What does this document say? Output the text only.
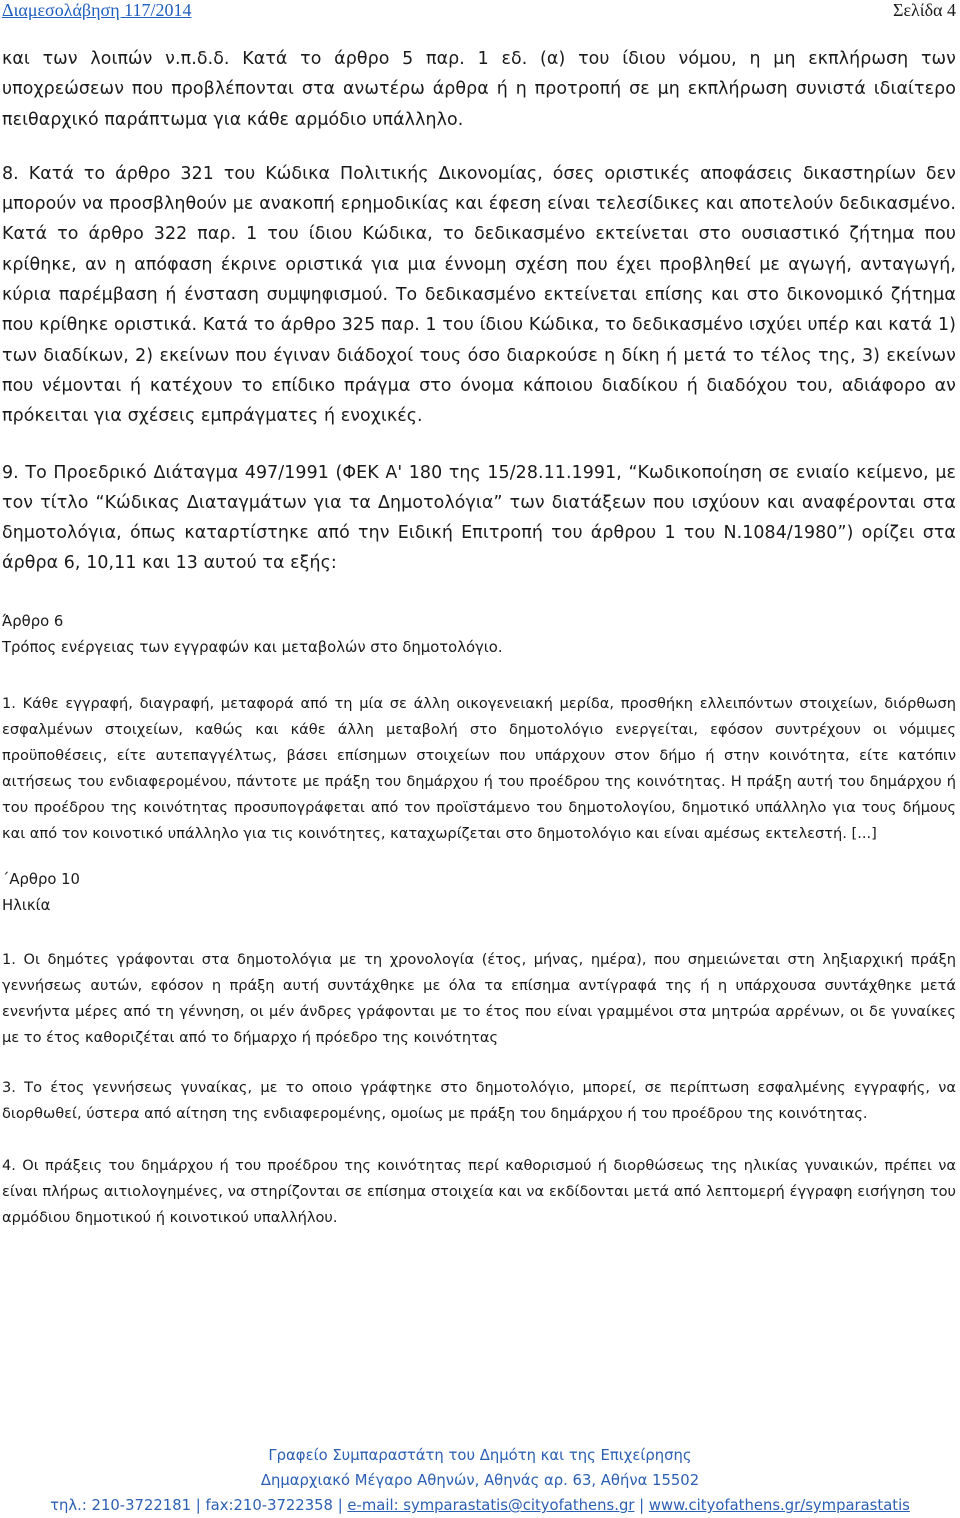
Διαμεσολάβηση 117/2014	Σελίδα 4

και των λοιπών ν.π.δ.δ. Κατά το άρθρο 5 παρ. 1 εδ. (α) του ίδιου νόμου, η μη εκπλήρωση των υποχρεώσεων που προβλέπονται στα ανωτέρω άρθρα ή η προτροπή σε μη εκπλήρωση συνιστά ιδιαίτερο πειθαρχικό παράπτωμα για κάθε αρμόδιο υπάλληλο.

8. Κατά το άρθρο 321 του Κώδικα Πολιτικής Δικονομίας, όσες οριστικές αποφάσεις δικαστηρίων δεν μπορούν να προσβληθούν με ανακοπή ερημοδικίας και έφεση είναι τελεσίδικες και αποτελούν δεδικασμένο. Κατά το άρθρο 322 παρ. 1 του ίδιου Κώδικα, το δεδικασμένο εκτείνεται στο ουσιαστικό ζήτημα που κρίθηκε, αν η απόφαση έκρινε οριστικά για μια έννομη σχέση που έχει προβληθεί με αγωγή, ανταγωγή, κύρια παρέμβαση ή ένσταση συμψηφισμού. Το δεδικασμένο εκτείνεται επίσης και στο δικονομικό ζήτημα που κρίθηκε οριστικά. Κατά το άρθρο 325 παρ. 1 του ίδιου Κώδικα, το δεδικασμένο ισχύει υπέρ και κατά 1) των διαδίκων, 2) εκείνων που έγιναν διάδοχοί τους όσο διαρκούσε η δίκη ή μετά το τέλος της, 3) εκείνων που νέμονται ή κατέχουν το επίδικο πράγμα στο όνομα κάποιου διαδίκου ή διαδόχου του, αδιάφορο αν πρόκειται για σχέσεις εμπράγματες ή ενοχικές.

9. Το Προεδρικό Διάταγμα 497/1991 (ΦΕΚ Α' 180 της 15/28.11.1991, “Κωδικοποίηση σε ενιαίο κείμενο, με τον τίτλο “Κώδικας Διαταγμάτων για τα Δημοτολόγια” των διατάξεων που ισχύουν και αναφέρονται στα δημοτολόγια, όπως καταρτίστηκε από την Ειδική Επιτροπή του άρθρου 1 του Ν.1084/1980”) ορίζει στα άρθρα 6, 10,11 και 13 αυτού τα εξής:

Άρθρο 6

Τρόπος ενέργειας των εγγραφών και μεταβολών στο δημοτολόγιο.

1. Κάθε εγγραφή, διαγραφή, μεταφορά από τη μία σε άλλη οικογενειακή μερίδα, προσθήκη ελλειπόντων στοιχείων, διόρθωση εσφαλμένων στοιχείων, καθώς και κάθε άλλη μεταβολή στο δημοτολόγιο ενεργείται, εφόσον συντρέχουν οι νόμιμες προϋποθέσεις, είτε αυτεπαγγέλτως, βάσει επίσημων στοιχείων που υπάρχουν στον δήμο ή στην κοινότητα, είτε κατόπιν αιτήσεως του ενδιαφερομένου, πάντοτε με πράξη του δημάρχου ή του προέδρου της κοινότητας. Η πράξη αυτή του δημάρχου ή του προέδρου της κοινότητας προσυπογράφεται από τον προϊστάμενο του δημοτολογίου, δημοτικό υπάλληλο για τους δήμους και από τον κοινοτικό υπάλληλο για τις κοινότητες, καταχωρίζεται στο δημοτολόγιο και είναι αμέσως εκτελεστή. [...]

΄Αρθρο 10

Ηλικία

1. Οι δημότες γράφονται στα δημοτολόγια με τη χρονολογία (έτος, μήνας, ημέρα), που σημειώνεται στη ληξιαρχική πράξη γεννήσεως αυτών, εφόσον η πράξη αυτή συντάχθηκε με όλα τα επίσημα αντίγραφά της ή η υπάρχουσα συντάχθηκε μετά ενενήντα μέρες από τη γέννηση, οι μέν άνδρες γράφονται με το έτος που είναι γραμμένοι στα μητρώα αρρένων, οι δε γυναίκες με το έτος καθοριζέται από το δήμαρχο ή πρόεδρο της κοινότητας

3. Το έτος γεννήσεως γυναίκας, με το οποιο γράφτηκε στο δημοτολόγιο, μπορεί, σε περίπτωση εσφαλμένης εγγραφής, να διορθωθεί, ύστερα από αίτηση της ενδιαφερομένης, ομοίως με πράξη του δημάρχου ή του προέδρου της κοινότητας.

4. Οι πράξεις του δημάρχου ή του προέδρου της κοινότητας περί καθορισμού ή διορθώσεως της ηλικίας γυναικών, πρέπει να είναι πλήρως αιτιολογημένες, να στηρίζονται σε επίσημα στοιχεία και να εκδίδονται μετά από λεπτομερή έγγραφη εισήγηση του αρμόδιου δημοτικού ή κοινοτικού υπαλλήλου.

Γραφείο Συμπαραστάτη του Δημότη και της Επιχείρησης
Δημαρχιακό Μέγαρο Αθηνών, Αθηνάς αρ. 63, Αθήνα 15502
τηλ.: 210-3722181 | fax:210-3722358 | e-mail: symparastatis@cityofathens.gr | www.cityofathens.gr/symparastatis
